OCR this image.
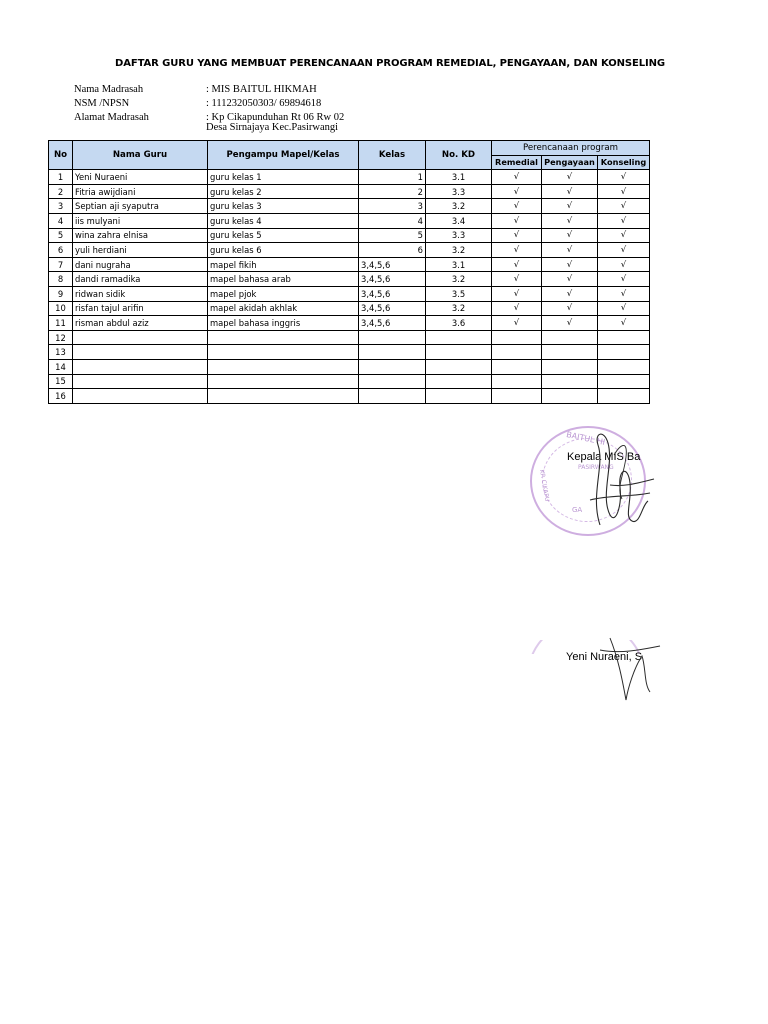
DAFTAR GURU YANG MEMBUAT PERENCANAAN PROGRAM REMEDIAL, PENGAYAAN, DAN KONSELING
Nama Madrasah	: MIS BAITUL HIKMAH
NSM /NPSN	: 111232050303/ 69894618
Alamat Madrasah	: Kp Cikapunduhan Rt 06 Rw 02
Desa Sirnajaya Kec.Pasirwangi
No	Nama Guru	Pengampu Mapel/Kelas	Kelas	No. KD	Perencanaan program		
					Remedial	Pengayaan	Konseling
1	Yeni Nuraeni	guru kelas 1	1	3.1	√	√	√
2	Fitria awijdiani	guru kelas 2	2	3.3	√	√	√
3	Septian aji syaputra	guru kelas 3	3	3.2	√	√	√
4	iis mulyani	guru kelas 4	4	3.4	√	√	√
5	wina zahra elnisa	guru kelas 5	5	3.3	√	√	√
6	yuli herdiani	guru kelas 6	6	3.2	√	√	√
7	dani nugraha	mapel fikih	3,4,5,6	3.1	√	√	√
8	dandi ramadika	mapel bahasa arab	3,4,5,6	3.2	√	√	√
9	ridwan sidik	mapel pjok	3,4,5,6	3.5	√	√	√
10	risfan tajul arifin	mapel akidah akhlak	3,4,5,6	3.2	√	√	√
11	risman abdul aziz	mapel bahasa inggris	3,4,5,6	3.6	√	√	√
12							
13							
14							
15							
16							
BAITUL HI
PASIRWANG
KP. CIKAPU
GA
Kepala MIS Ba
Yeni Nuraeni, S
